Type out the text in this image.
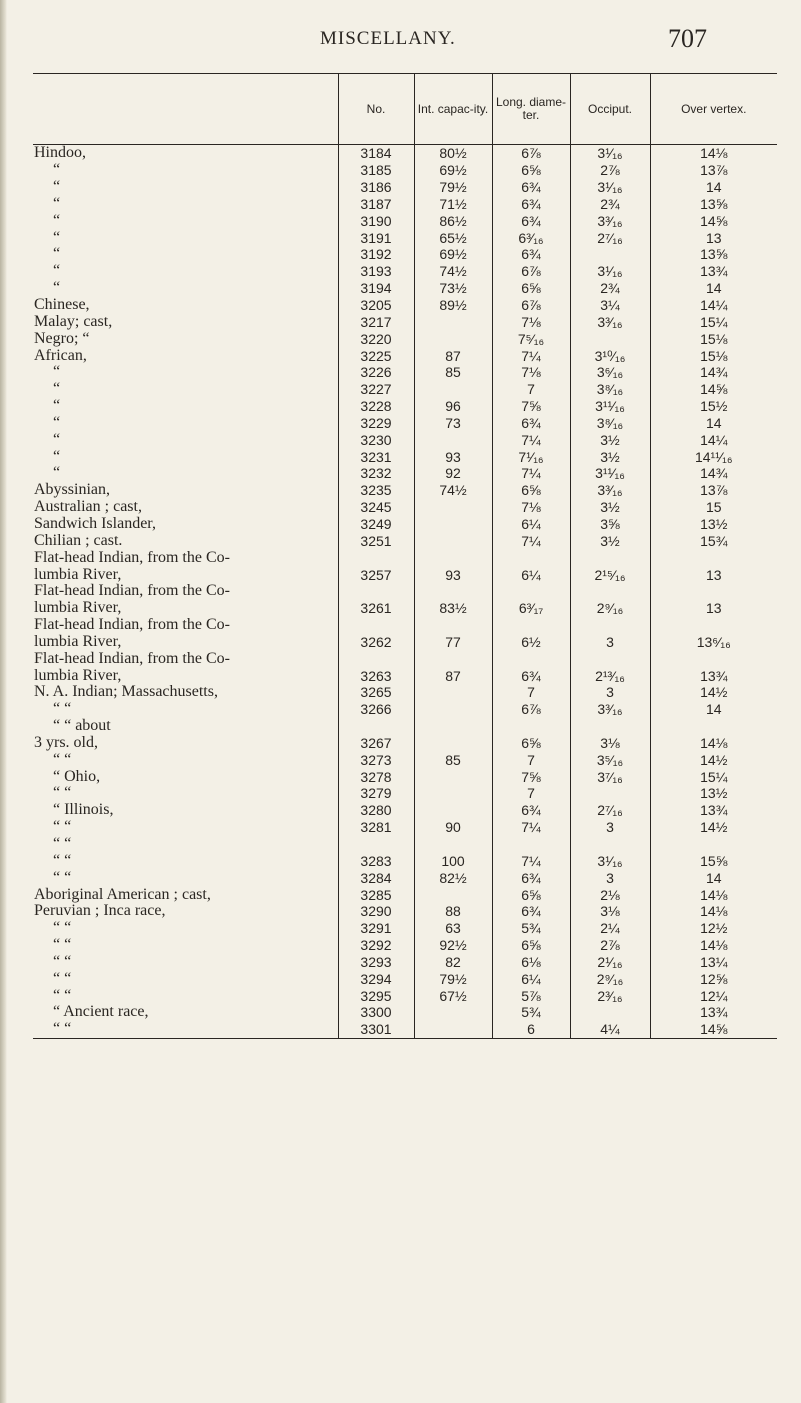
MISCELLANY.	707
	No.	Int. capac-ity.	Long. diame-ter.	Occiput.	Over vertex.
Hindoo,	3184	80½	6⅞	3¹⁄₁₆	14⅛
“	3185	69½	6⅝	2⅞	13⅞
“	3186	79½	6¾	3¹⁄₁₆	14
“	3187	71½	6¾	2¾	13⅝
“	3190	86½	6¾	3³⁄₁₆	14⅝
“	3191	65½	6³⁄₁₆	2⁷⁄₁₆	13
“	3192	69½	6¾		13⅝
“	3193	74½	6⅞	3¹⁄₁₆	13¾
“	3194	73½	6⅝	2¾	14
Chinese,	3205	89½	6⅞	3¼	14¼
Malay; cast,	3217		7⅛	3³⁄₁₆	15¼
Negro; “	3220		7⁵⁄₁₆		15⅛
African,	3225	87	7¼	3¹⁰⁄₁₆	15⅛
“	3226	85	7⅛	3⁶⁄₁₆	14¾
“	3227		7	3⁸⁄₁₆	14⅝
“	3228	96	7⅝	3¹¹⁄₁₆	15½
“	3229	73	6¾	3⁸⁄₁₆	14
“	3230		7¼	3½	14¼
“	3231	93	7¹⁄₁₆	3½	14¹¹⁄₁₆
“	3232	92	7¼	3¹¹⁄₁₆	14¾
Abyssinian,	3235	74½	6⅝	3³⁄₁₆	13⅞
Australian ; cast,	3245		7⅛	3½	15
Sandwich Islander,	3249		6¼	3⅝	13½
Chilian ; cast.	3251		7¼	3½	15¾
Flat-head Indian, from the Co-					
lumbia River,	3257	93	6¼	2¹⁵⁄₁₆	13
Flat-head Indian, from the Co-					
lumbia River,	3261	83½	6³⁄₁₇	2⁹⁄₁₆	13
Flat-head Indian, from the Co-					
lumbia River,	3262	77	6½	3	13⁶⁄₁₆
Flat-head Indian, from the Co-					
lumbia River,	3263	87	6¾	2¹³⁄₁₆	13¾
N. A. Indian; Massachusetts,	3265		7	3	14½
“ “	3266		6⅞	3³⁄₁₆	14
“ “ about					
3 yrs. old,	3267		6⅝	3⅛	14⅛
“ “	3273	85	7	3⁵⁄₁₆	14½
“ Ohio,	3278		7⅝	3⁷⁄₁₆	15¼
“ “	3279		7		13½
“ Illinois,	3280		6¾	2⁷⁄₁₆	13¾
“ “	3281	90	7¼	3	14½
“ “					
“ “	3283	100	7¼	3¹⁄₁₆	15⅝
“ “	3284	82½	6¾	3	14
Aboriginal American ; cast,	3285		6⅝	2⅛	14⅛
Peruvian ; Inca race,	3290	88	6¾	3⅛	14⅛
“ “	3291	63	5¾	2¼	12½
“ “	3292	92½	6⅝	2⅞	14⅛
“ “	3293	82	6⅛	2¹⁄₁₆	13¼
“ “	3294	79½	6¼	2⁹⁄₁₆	12⅝
“ “	3295	67½	5⅞	2³⁄₁₆	12¼
“ Ancient race,	3300		5¾		13¾
“ “	3301		6	4¼	14⅝
